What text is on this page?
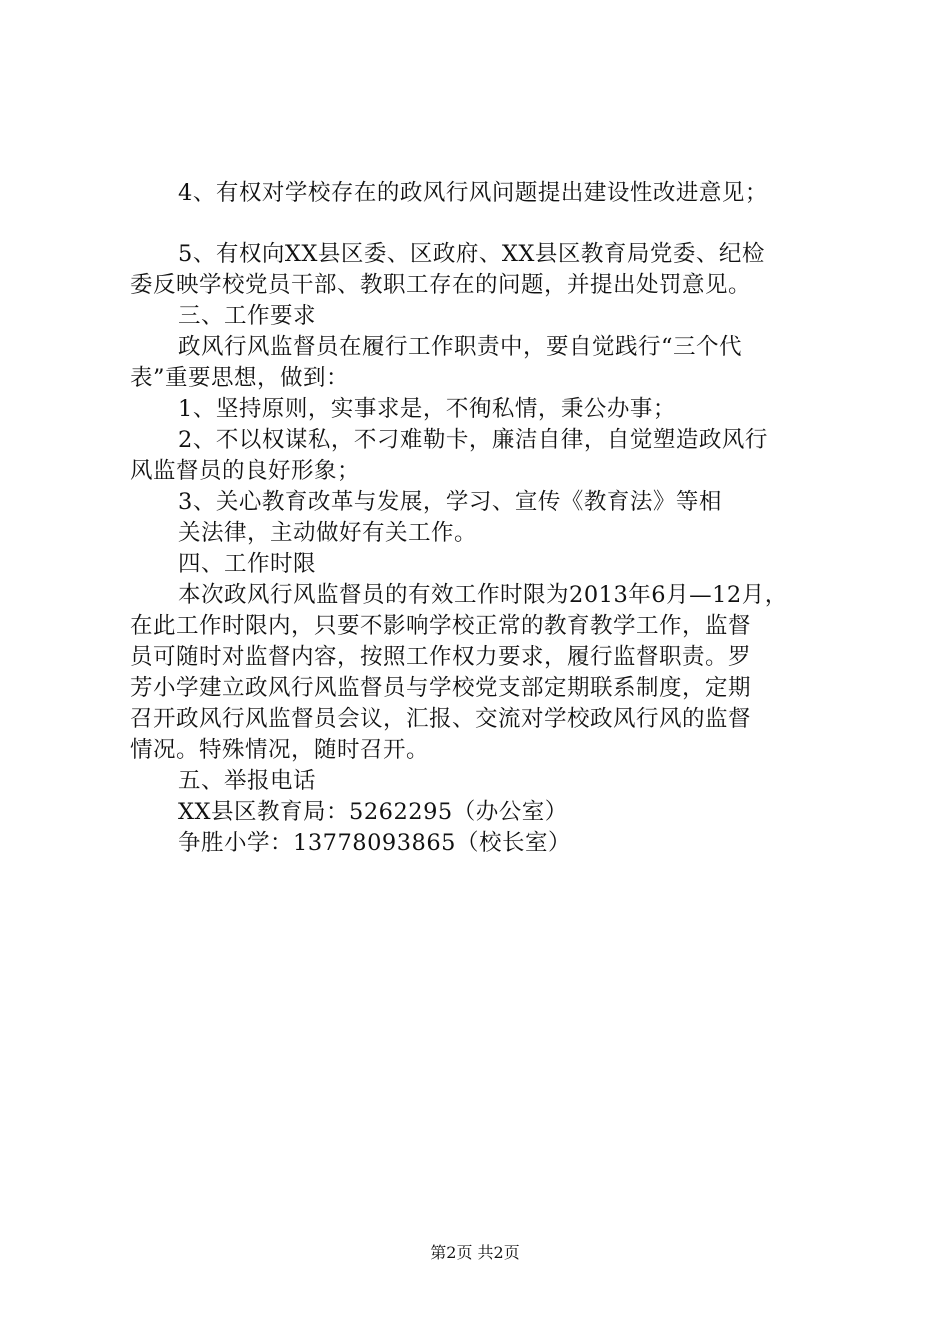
4、有权对学校存在的政风行风问题提出建设性改进意见；
5、有权向XX县区委、区政府、XX县区教育局党委、纪检
委反映学校党员干部、教职工存在的问题，并提出处罚意见。
三、工作要求
政风行风监督员在履行工作职责中，要自觉践行“三个代
表”重要思想，做到：
1、坚持原则，实事求是，不徇私情，秉公办事；
2、不以权谋私，不刁难勒卡，廉洁自律，自觉塑造政风行
风监督员的良好形象；
3、关心教育改革与发展，学习、宣传《教育法》等相
关法律，主动做好有关工作。
四、工作时限
本次政风行风监督员的有效工作时限为2013年6月—12月，
在此工作时限内，只要不影响学校正常的教育教学工作，监督
员可随时对监督内容，按照工作权力要求，履行监督职责。罗
芳小学建立政风行风监督员与学校党支部定期联系制度，定期
召开政风行风监督员会议，汇报、交流对学校政风行风的监督
情况。特殊情况，随时召开。
五、举报电话
XX县区教育局：5262295（办公室）
争胜小学：13778093865（校长室）
第2页 共2页
